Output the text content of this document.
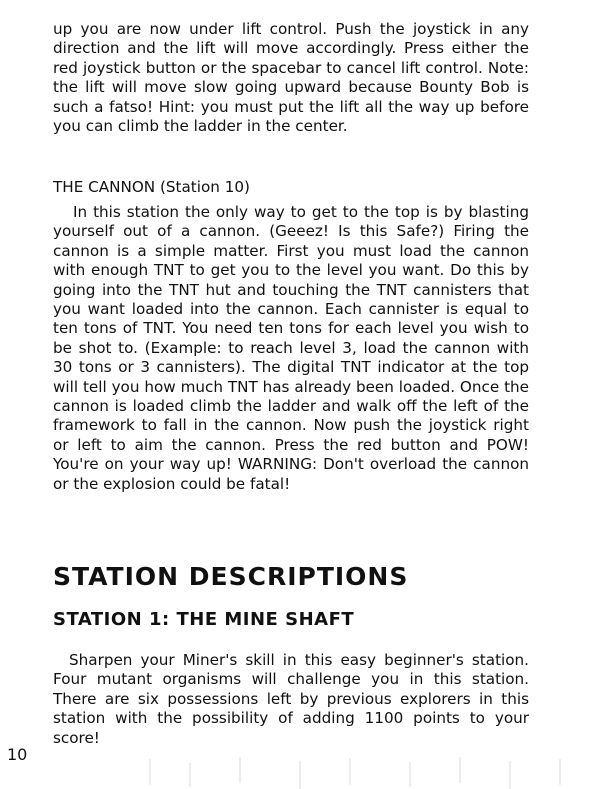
up you are now under lift control. Push the joystick in any direction and the lift will move accordingly. Press either the red joystick button or the spacebar to cancel lift control. Note: the lift will move slow going upward because Bounty Bob is such a fatso! Hint: you must put the lift all the way up before you can climb the ladder in the center.

THE CANNON (Station 10)

In this station the only way to get to the top is by blasting yourself out of a cannon. (Geeez! Is this Safe?) Firing the cannon is a simple matter. First you must load the cannon with enough TNT to get you to the level you want. Do this by going into the TNT hut and touching the TNT cannisters that you want loaded into the cannon. Each cannister is equal to ten tons of TNT. You need ten tons for each level you wish to be shot to. (Example: to reach level 3, load the cannon with 30 tons or 3 cannisters). The digital TNT indicator at the top will tell you how much TNT has already been loaded. Once the cannon is loaded climb the ladder and walk off the left of the framework to fall in the cannon. Now push the joystick right or left to aim the cannon. Press the red button and POW! You're on your way up! WARNING: Don't overload the cannon or the explosion could be fatal!

STATION DESCRIPTIONS
STATION 1: THE MINE SHAFT

Sharpen your Miner's skill in this easy beginner's station. Four mutant organisms will challenge you in this station. There are six possessions left by previous explorers in this station with the possibility of adding 1100 points to your score!

10
